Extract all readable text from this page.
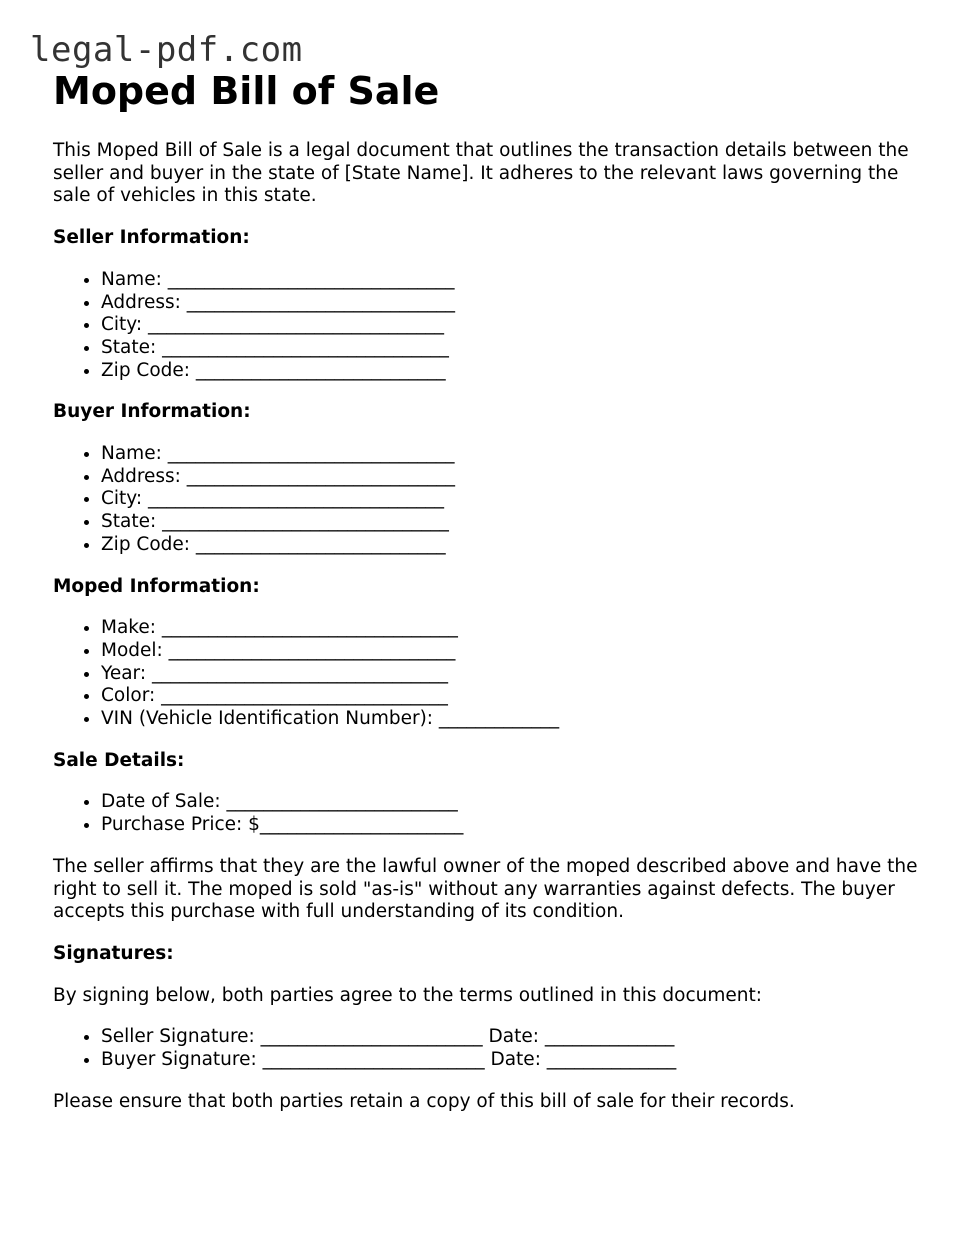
legal-pdf.com
Moped Bill of Sale

This Moped Bill of Sale is a legal document that outlines the transaction details between the seller and buyer in the state of [State Name]. It adheres to the relevant laws governing the sale of vehicles in this state.

Seller Information:
• Name: _______________________________
• Address: _____________________________
• City: ________________________________
• State: _______________________________
• Zip Code: ___________________________
Buyer Information:
• Name: _______________________________
• Address: _____________________________
• City: ________________________________
• State: _______________________________
• Zip Code: ___________________________
Moped Information:
• Make: ________________________________
• Model: _______________________________
• Year: ________________________________
• Color: _______________________________
• VIN (Vehicle Identification Number): _____________
Sale Details:
• Date of Sale: _________________________
• Purchase Price: $______________________

The seller affirms that they are the lawful owner of the moped described above and have the right to sell it. The moped is sold "as-is" without any warranties against defects. The buyer accepts this purchase with full understanding of its condition.

Signatures:

By signing below, both parties agree to the terms outlined in this document:

• Seller Signature: ________________________ Date: ______________
• Buyer Signature: ________________________ Date: ______________

Please ensure that both parties retain a copy of this bill of sale for their records.
